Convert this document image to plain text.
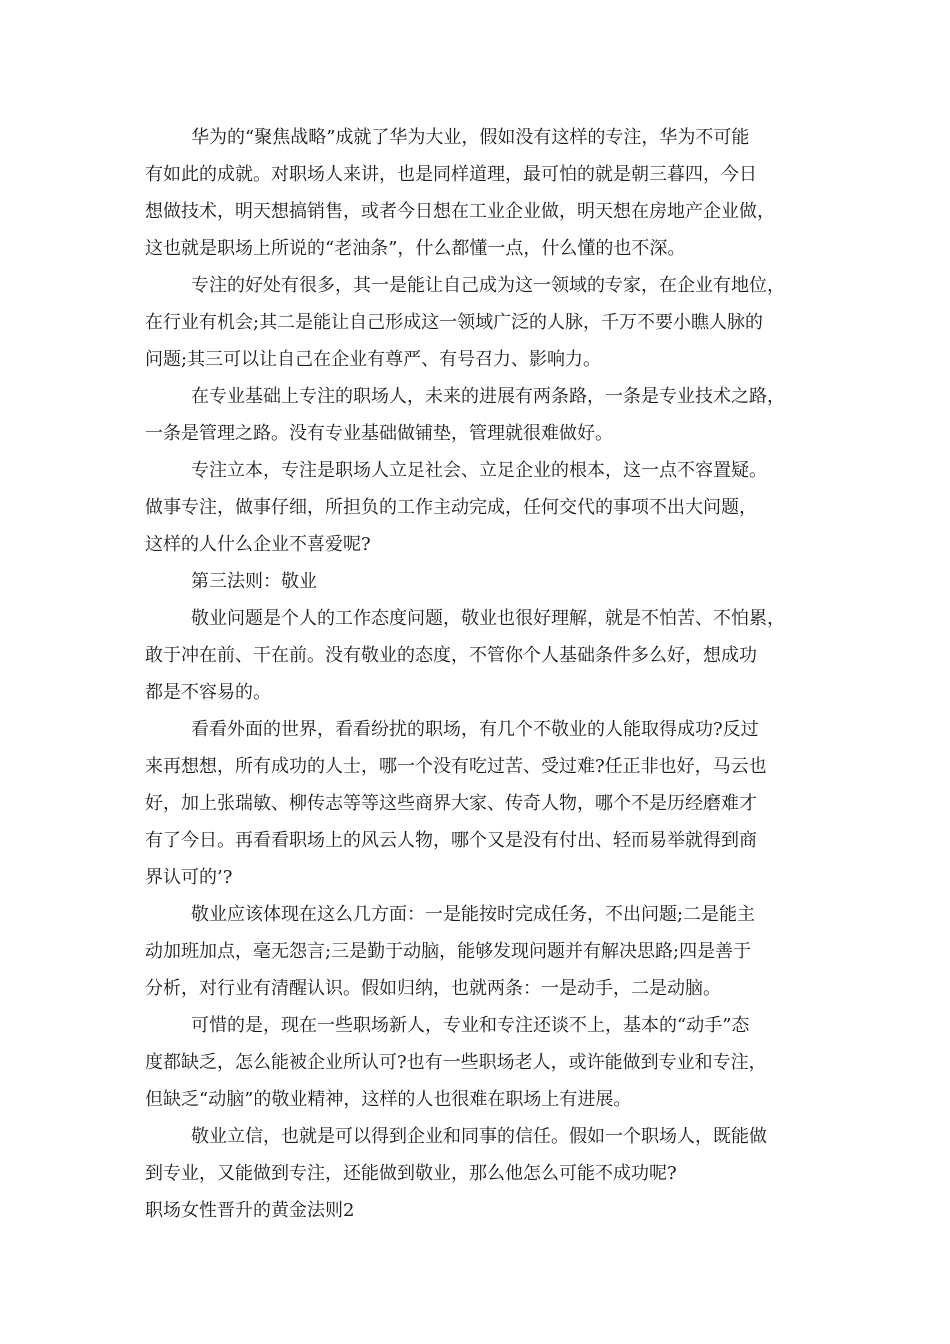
华为的“聚焦战略”成就了华为大业，假如没有这样的专注，华为不可能
有如此的成就。对职场人来讲，也是同样道理，最可怕的就是朝三暮四，今日
想做技术，明天想搞销售，或者今日想在工业企业做，明天想在房地产企业做，
这也就是职场上所说的“老油条”，什么都懂一点，什么懂的也不深。
专注的好处有很多，其一是能让自己成为这一领域的专家，在企业有地位，
在行业有机会;其二是能让自己形成这一领域广泛的人脉，千万不要小瞧人脉的
问题;其三可以让自己在企业有尊严、有号召力、影响力。
在专业基础上专注的职场人，未来的进展有两条路，一条是专业技术之路，
一条是管理之路。没有专业基础做铺垫，管理就很难做好。
专注立本，专注是职场人立足社会、立足企业的根本，这一点不容置疑。
做事专注，做事仔细，所担负的工作主动完成，任何交代的事项不出大问题，
这样的人什么企业不喜爱呢?
第三法则：敬业
敬业问题是个人的工作态度问题，敬业也很好理解，就是不怕苦、不怕累，
敢于冲在前、干在前。没有敬业的态度，不管你个人基础条件多么好，想成功
都是不容易的。
看看外面的世界，看看纷扰的职场，有几个不敬业的人能取得成功?反过
来再想想，所有成功的人士，哪一个没有吃过苦、受过难?任正非也好，马云也
好，加上张瑞敏、柳传志等等这些商界大家、传奇人物，哪个不是历经磨难才
有了今日。再看看职场上的风云人物，哪个又是没有付出、轻而易举就得到商
界认可的’?
敬业应该体现在这么几方面：一是能按时完成任务，不出问题;二是能主
动加班加点，毫无怨言;三是勤于动脑，能够发现问题并有解决思路;四是善于
分析，对行业有清醒认识。假如归纳，也就两条：一是动手，二是动脑。
可惜的是，现在一些职场新人，专业和专注还谈不上，基本的“动手”态
度都缺乏，怎么能被企业所认可?也有一些职场老人，或许能做到专业和专注，
但缺乏“动脑”的敬业精神，这样的人也很难在职场上有进展。
敬业立信，也就是可以得到企业和同事的信任。假如一个职场人，既能做
到专业，又能做到专注，还能做到敬业，那么他怎么可能不成功呢?
职场女性晋升的黄金法则2
